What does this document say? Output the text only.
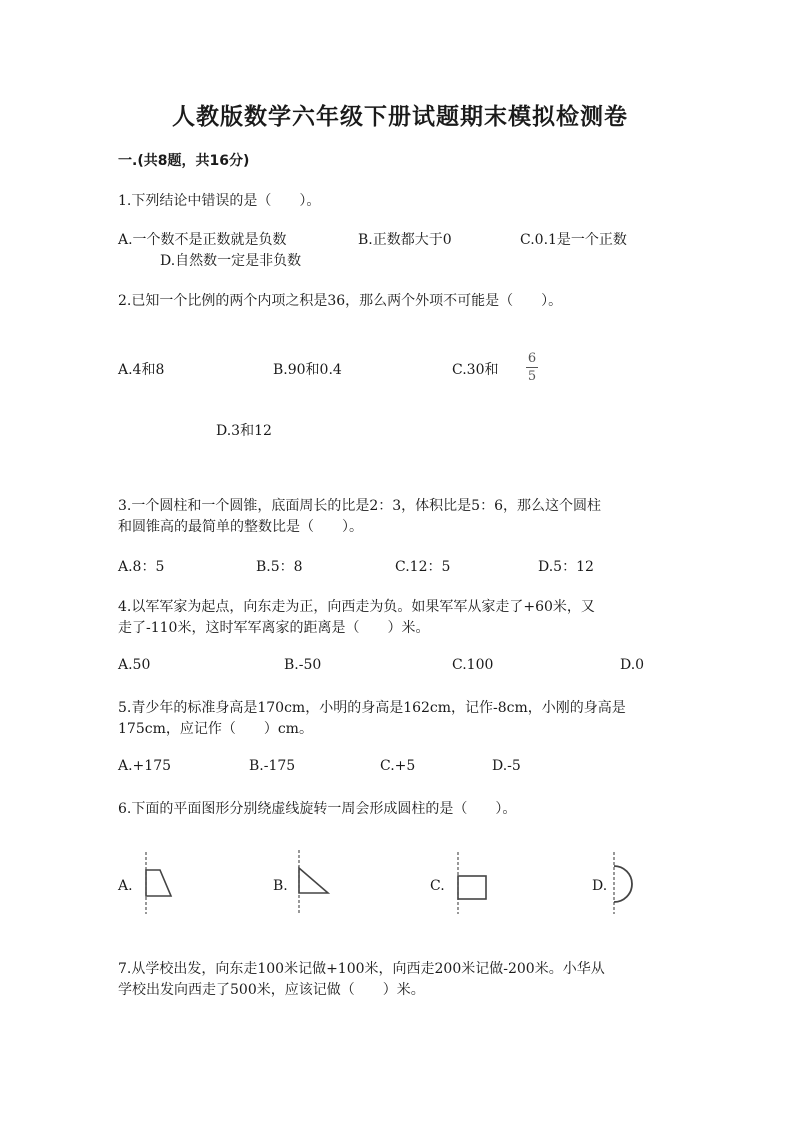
人教版数学六年级下册试题期末模拟检测卷
一.(共8题，共16分)
1.下列结论中错误的是（　　）。
A.一个数不是正数就是负数	B.正数都大于0	C.0.1是一个正数
D.自然数一定是非负数
2.已知一个比例的两个内项之积是36，那么两个外项不可能是（　　）。
A.4和8	B.90和0.4	C.30和
6
5
D.3和12
3.一个圆柱和一个圆锥，底面周长的比是2：3，体积比是5：6，那么这个圆柱
和圆锥高的最简单的整数比是（　　）。
A.8：5	B.5：8	C.12：5	D.5：12
4.以军军家为起点，向东走为正，向西走为负。如果军军从家走了+60米，又
走了-110米，这时军军离家的距离是（　　）米。
A.50	B.-50	C.100	D.0
5.青少年的标准身高是170cm，小明的身高是162cm，记作-8cm，小刚的身高是
175cm，应记作（　　）cm。
A.+175	B.-175	C.+5	D.-5
6.下面的平面图形分别绕虚线旋转一周会形成圆柱的是（　　）。
A.	B.	C.	D.
7.从学校出发，向东走100米记做+100米，向西走200米记做-200米。小华从
学校出发向西走了500米，应该记做（　　）米。
